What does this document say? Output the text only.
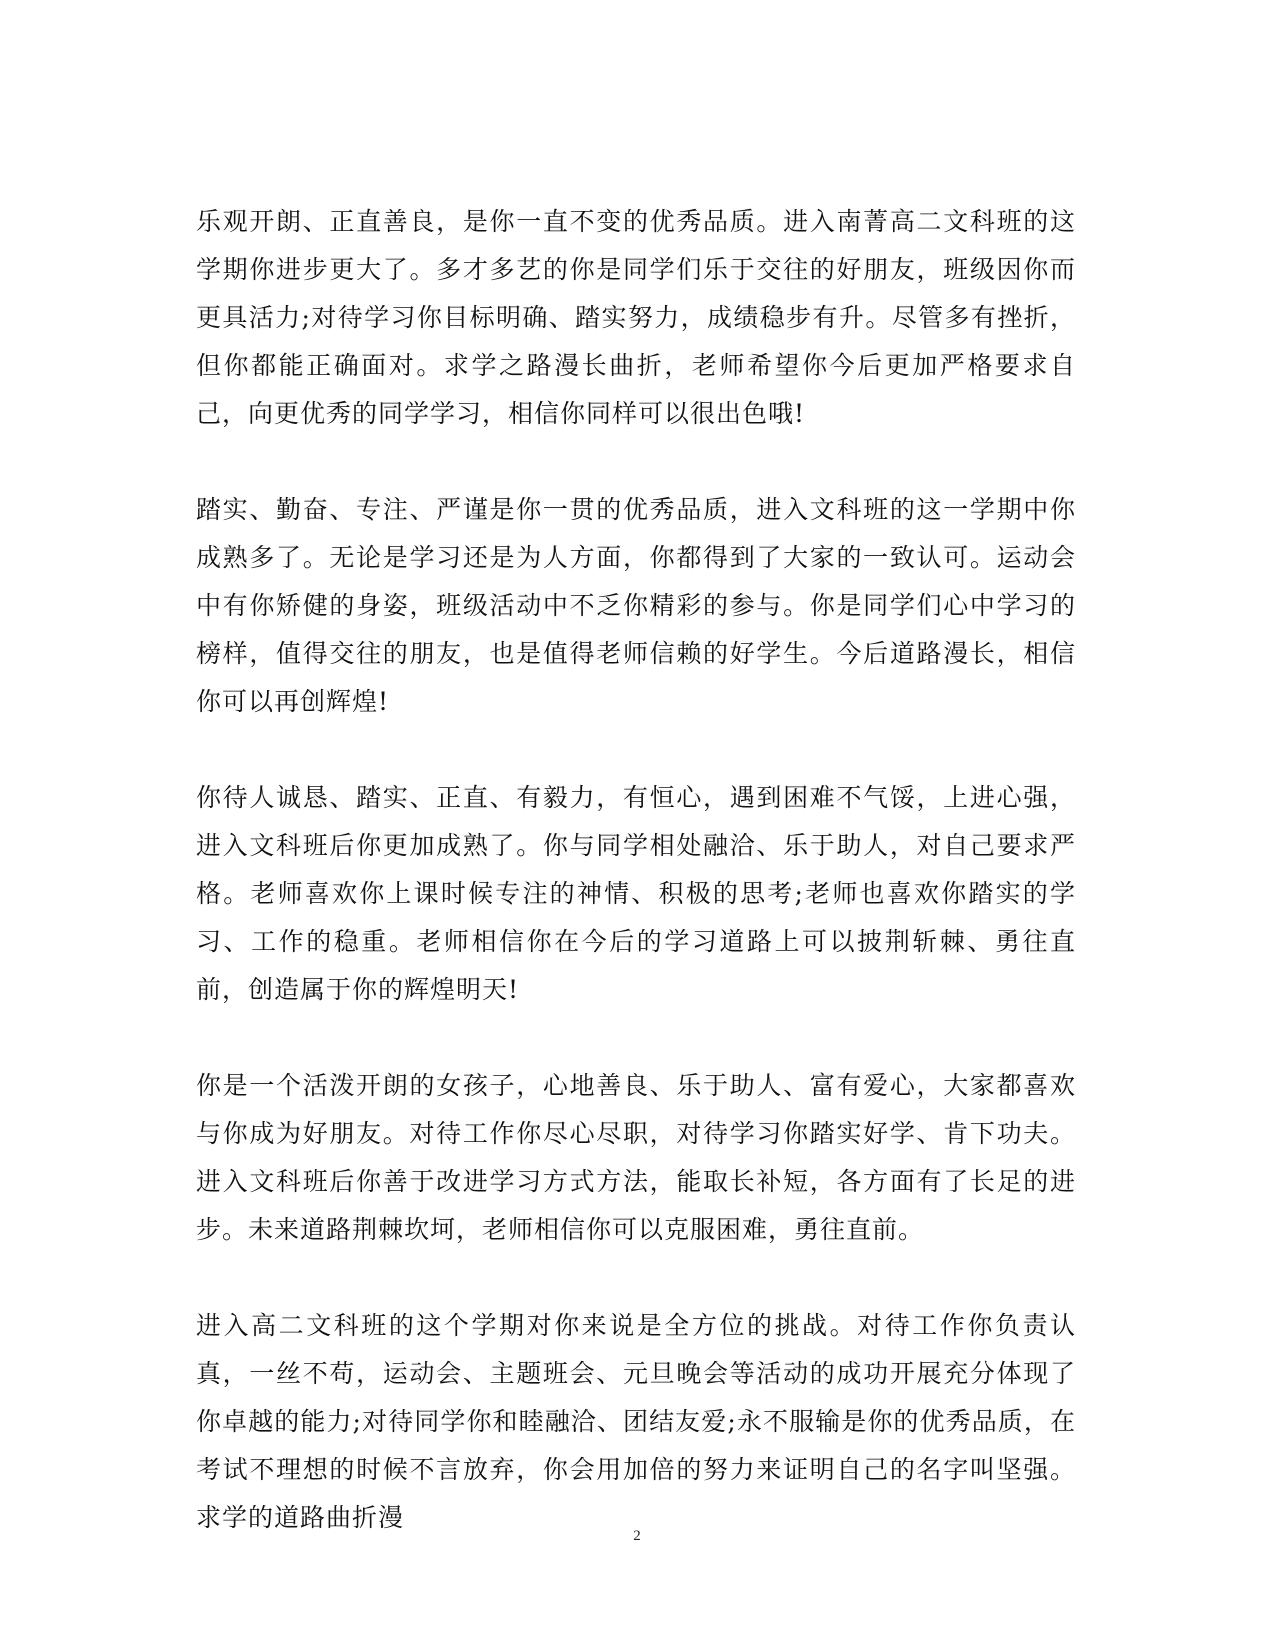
乐观开朗、正直善良，是你一直不变的优秀品质。进入南菁高二文科班的这学期你进步更大了。多才多艺的你是同学们乐于交往的好朋友，班级因你而更具活力;对待学习你目标明确、踏实努力，成绩稳步有升。尽管多有挫折，但你都能正确面对。求学之路漫长曲折，老师希望你今后更加严格要求自己，向更优秀的同学学习，相信你同样可以很出色哦!

踏实、勤奋、专注、严谨是你一贯的优秀品质，进入文科班的这一学期中你成熟多了。无论是学习还是为人方面，你都得到了大家的一致认可。运动会中有你矫健的身姿，班级活动中不乏你精彩的参与。你是同学们心中学习的榜样，值得交往的朋友，也是值得老师信赖的好学生。今后道路漫长，相信你可以再创辉煌!

你待人诚恳、踏实、正直、有毅力，有恒心，遇到困难不气馁，上进心强，进入文科班后你更加成熟了。你与同学相处融洽、乐于助人，对自己要求严格。老师喜欢你上课时候专注的神情、积极的思考;老师也喜欢你踏实的学习、工作的稳重。老师相信你在今后的学习道路上可以披荆斩棘、勇往直前，创造属于你的辉煌明天!

你是一个活泼开朗的女孩子，心地善良、乐于助人、富有爱心，大家都喜欢与你成为好朋友。对待工作你尽心尽职，对待学习你踏实好学、肯下功夫。进入文科班后你善于改进学习方式方法，能取长补短，各方面有了长足的进步。未来道路荆棘坎坷，老师相信你可以克服困难，勇往直前。

进入高二文科班的这个学期对你来说是全方位的挑战。对待工作你负责认真，一丝不苟，运动会、主题班会、元旦晚会等活动的成功开展充分体现了你卓越的能力;对待同学你和睦融洽、团结友爱;永不服输是你的优秀品质，在考试不理想的时候不言放弃，你会用加倍的努力来证明自己的名字叫坚强。求学的道路曲折漫

2
